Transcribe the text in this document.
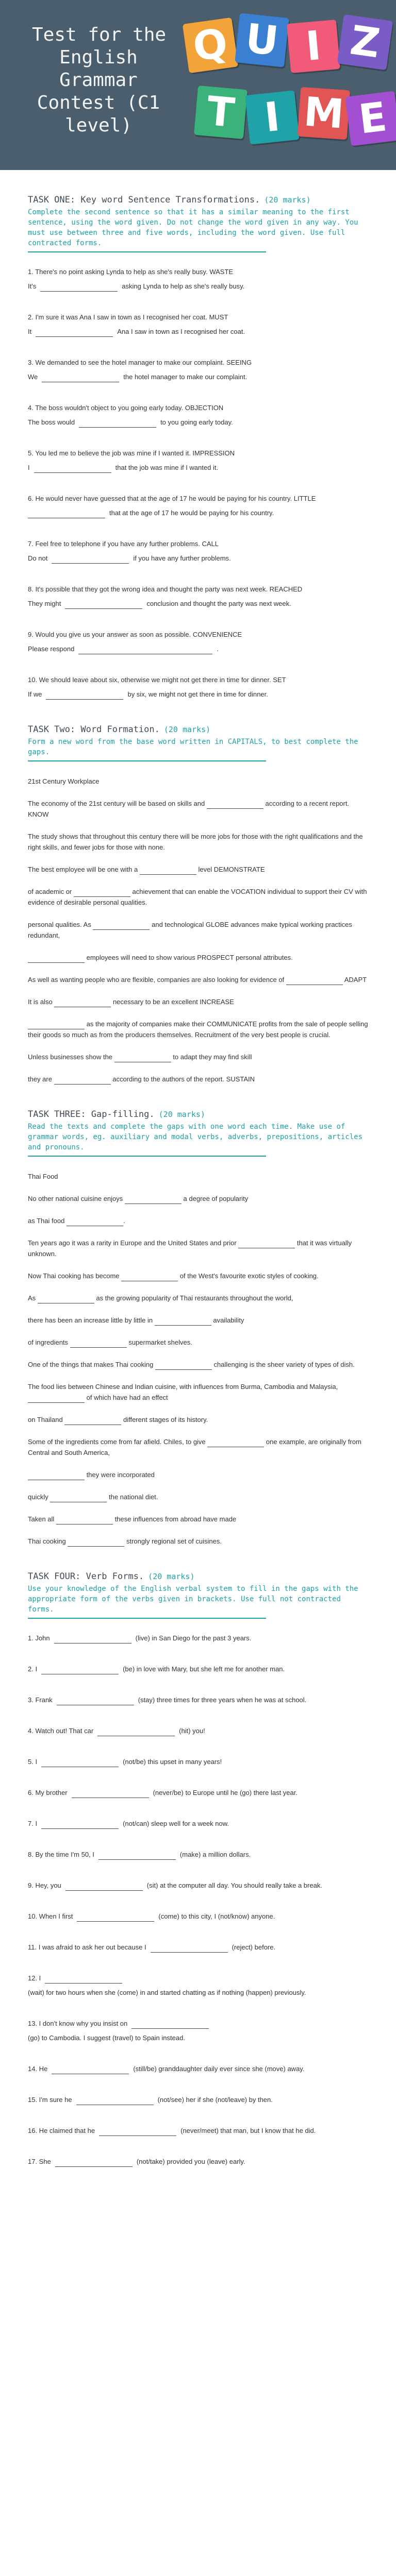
Test for the
English
Grammar
Contest (C1
level)
Q U I Z
T I M E
TASK ONE: Key word Sentence Transformations. (20 marks)

Complete the second sentence so that it has a similar meaning to the first sentence, using the word given. Do not change the word given in any way. You must use between three and five words, including the word given. Use full contracted forms.

1. There's no point asking Lynda to help as she's really busy. WASTE

It's	asking Lynda to help as she's really busy.

2. I'm sure it was Ana I saw in town as I recognised her coat. MUST

It	Ana I saw in town as I recognised her coat.

3. We demanded to see the hotel manager to make our complaint. SEEING

We	the hotel manager to make our complaint.

4. The boss wouldn't object to you going early today. OBJECTION

The boss would	to you going early today.

5. You led me to believe the job was mine if I wanted it. IMPRESSION

I	that the job was mine if I wanted it.

6. He would never have guessed that at the age of 17 he would be paying for his country. LITTLE

that at the age of 17 he would be paying for his country.

7. Feel free to telephone if you have any further problems. CALL

Do not	if you have any further problems.

8. It's possible that they got the wrong idea and thought the party was next week. REACHED

They might	conclusion and thought the party was next week.

9. Would you give us your answer as soon as possible. CONVENIENCE

Please respond	.

10. We should leave about six, otherwise we might not get there in time for dinner. SET

If we	by six, we might not get there in time for dinner.
TASK Two: Word Formation. (20 marks)

Form a new word from the base word written in CAPITALS, to best complete the gaps.

21st Century Workplace

The economy of the 21st century will be based on skills and	according to a recent report. KNOW

The study shows that throughout this century there will be more jobs for those with the right qualifications and the right skills, and fewer jobs for those with none.

The best employee will be one with a	level DEMONSTRATE

of academic or	achievement that can enable the VOCATION individual to support their CV with evidence of desirable personal qualities.

personal qualities. As	and technological GLOBE advances make typical working practices redundant,

employees will need to show various PROSPECT personal attributes.

As well as wanting people who are flexible, companies are also looking for evidence of	ADAPT

It is also	necessary to be an excellent INCREASE

as the majority of companies make their COMMUNICATE profits from the sale of people selling their goods so much as from the producers themselves. Recruitment of the very best people is crucial.

Unless businesses show the	to adapt they may find skill

they are	according to the authors of the report. SUSTAIN

TASK THREE: Gap-filling. (20 marks)

Read the texts and complete the gaps with one word each time. Make use of grammar words, eg. auxiliary and modal verbs, adverbs, prepositions, articles and pronouns.

Thai Food

No other national cuisine enjoys	a degree of popularity

as Thai food	.

Ten years ago it was a rarity in Europe and the United States and prior	that it was virtually unknown.

Now Thai cooking has become	of the West's favourite exotic styles of cooking.

As	as the growing popularity of Thai restaurants throughout the world,

there has been an increase little by little in	availability

of ingredients	supermarket shelves.

One of the things that makes Thai cooking	challenging is the sheer variety of types of dish.

The food lies between Chinese and Indian cuisine, with influences from Burma, Cambodia and Malaysia,  of which have had an effect

on Thailand	different stages of its history.

Some of the ingredients come from far afield. Chiles, to give	one example, are originally from Central and South America,

they were incorporated

quickly	the national diet.

Taken all	these influences from abroad have made

Thai cooking	strongly regional set of cuisines.

TASK FOUR: Verb Forms. (20 marks)

Use your knowledge of the English verbal system to fill in the gaps with the appropriate form of the verbs given in brackets. Use full not contracted forms.

1. John	(live) in San Diego for the past 3 years.
2. I	(be) in love with Mary, but she left me for another man.
3. Frank	(stay) three times for three years when he was at school.
4. Watch out! That car	(hit) you!
5. I	(not/be) this upset in many years!
6. My brother	(never/be) to Europe until he (go) there last year.
7. I	(not/can) sleep well for a week now.
8. By the time I'm 50, I	(make) a million dollars.
9. Hey, you	(sit) at the computer all day. You should really take a break.
10. When I first	(come) to this city, I (not/know) anyone.
11. I was afraid to ask her out because I	(reject) before.
12. I
(wait) for two hours when she (come) in and started chatting as if nothing (happen) previously.
13. I don't know why you insist on
(go) to Cambodia. I suggest (travel) to Spain instead.
14. He	(still/be) granddaughter daily ever since she (move) away.
15. I'm sure he	(not/see) her if she (not/leave) by then.
16. He claimed that he	(never/meet) that man, but I know that he did.
17. She	(not/take) provided you (leave) early.
